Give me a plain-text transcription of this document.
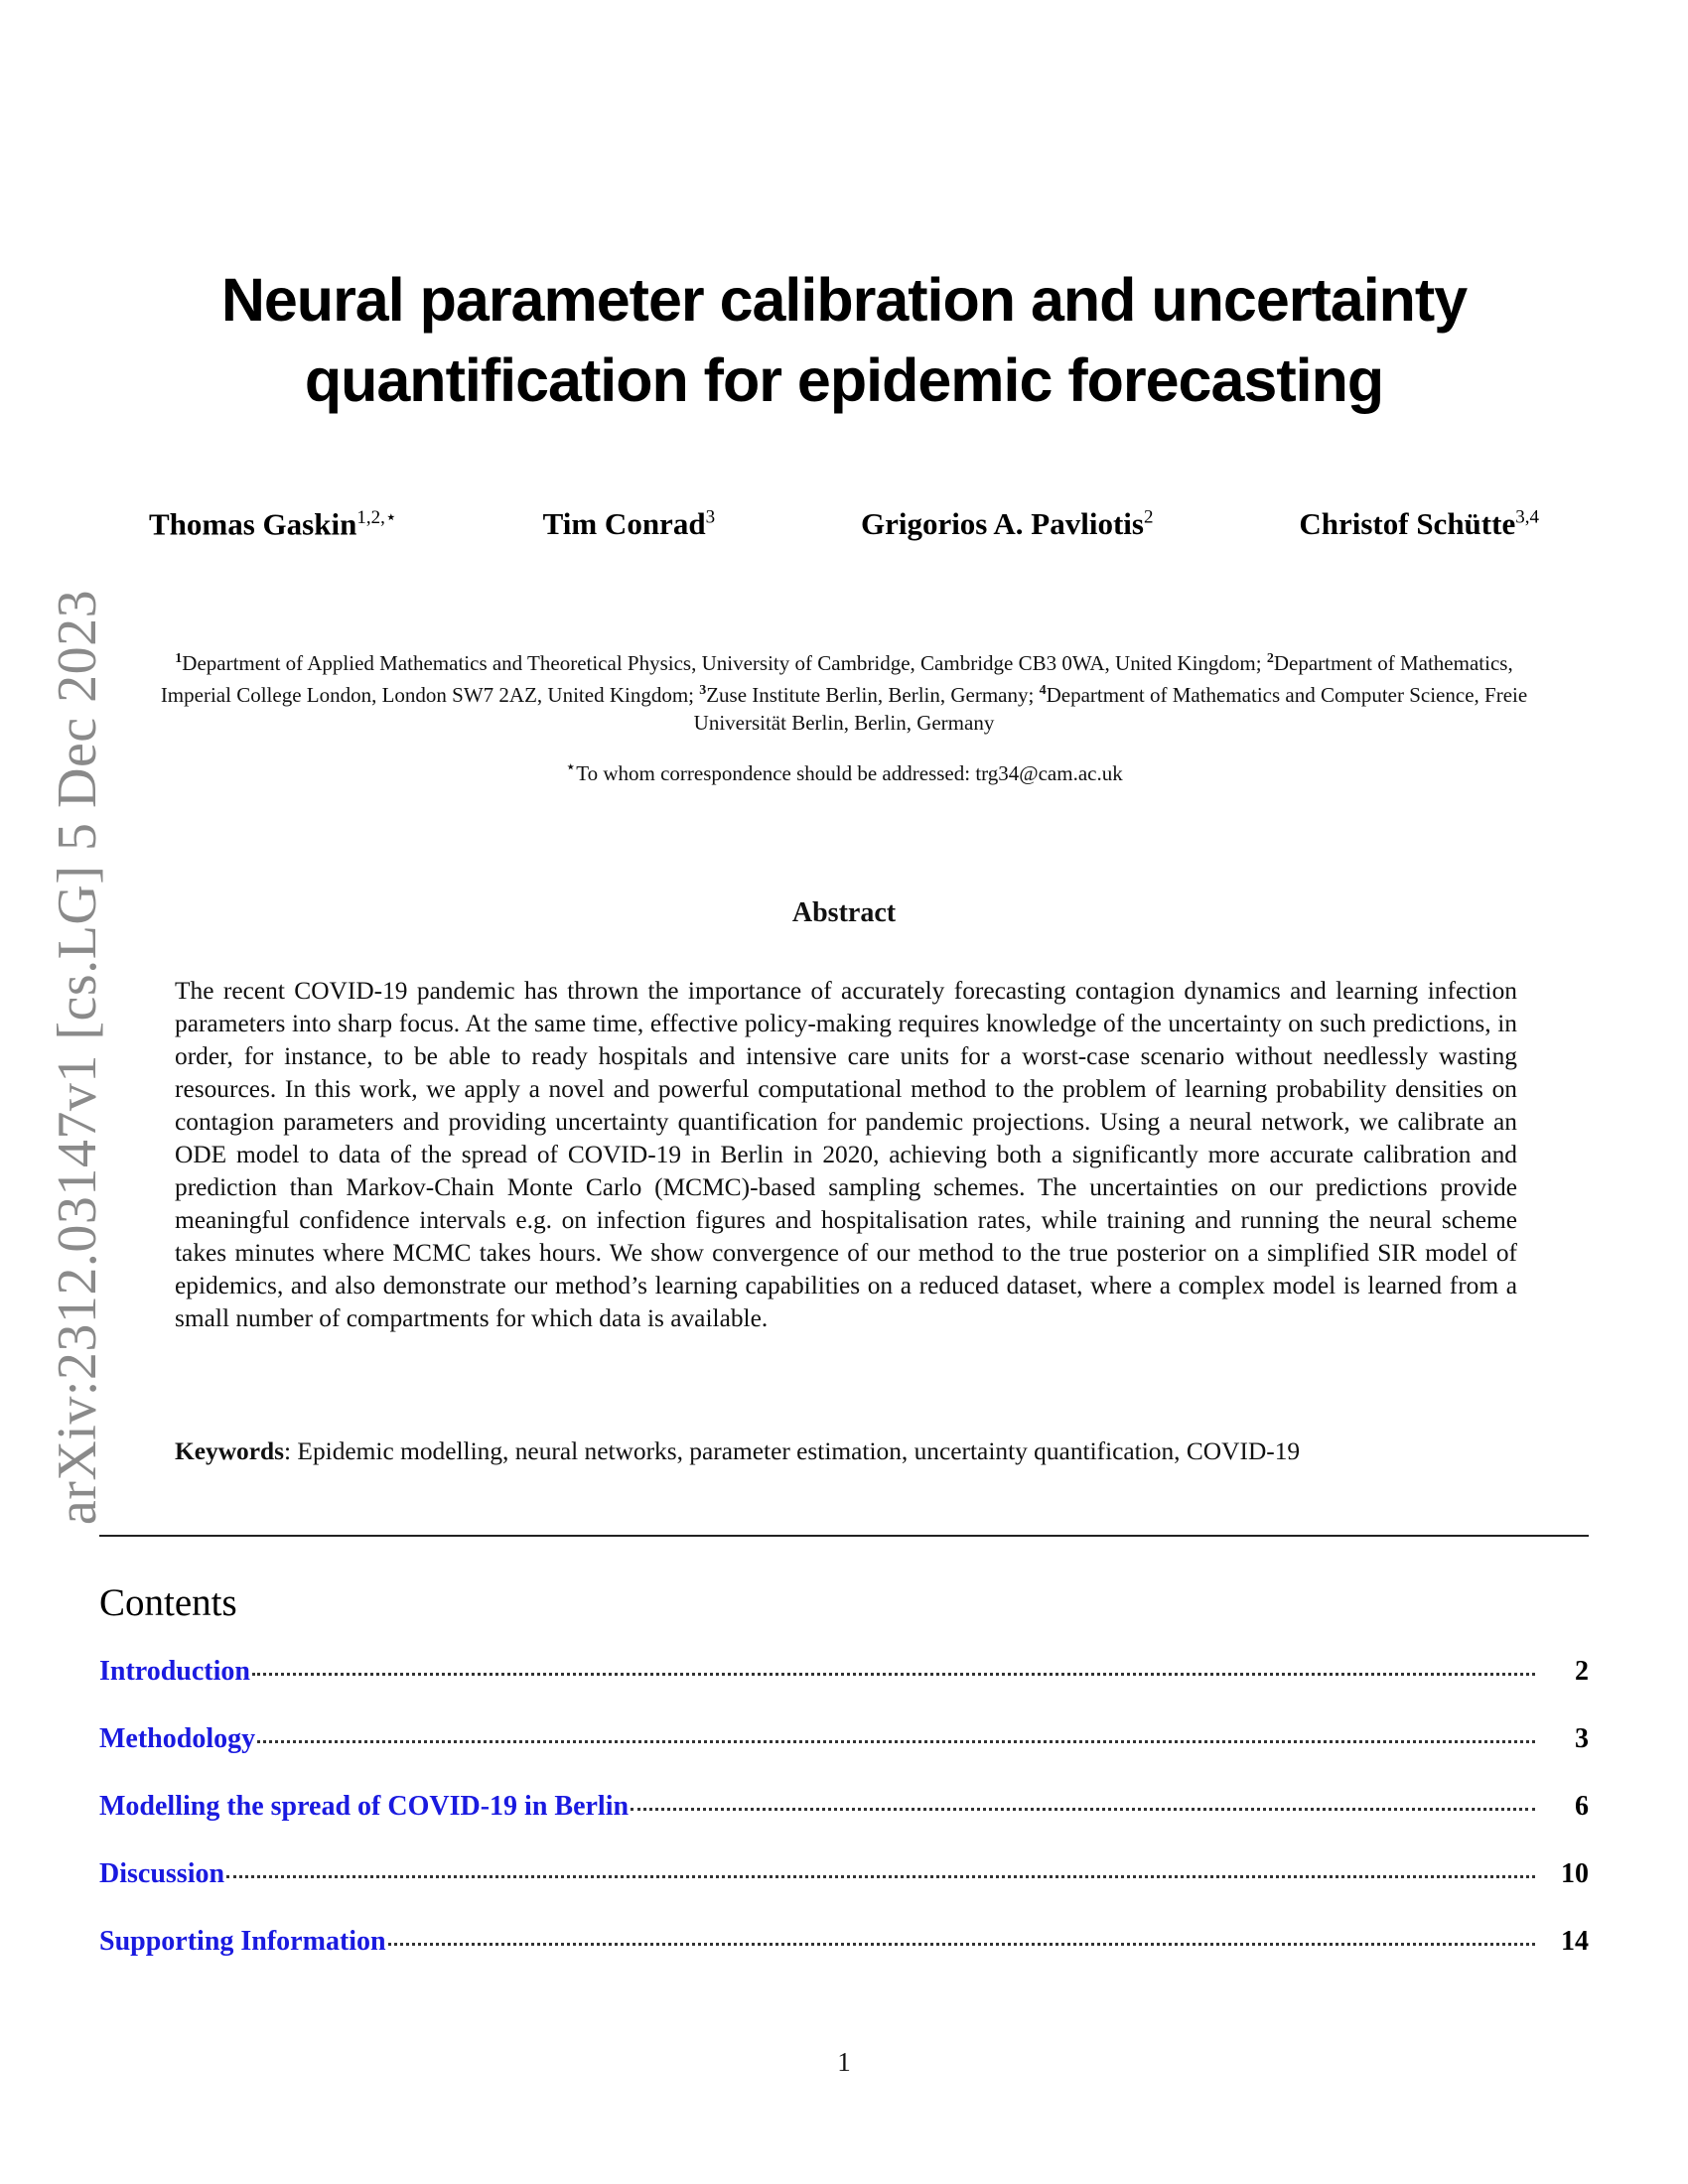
arXiv:2312.03147v1 [cs.LG] 5 Dec 2023
Neural parameter calibration and uncertainty
quantification for epidemic forecasting
Thomas Gaskin$^{1,2,⋆}$	Tim Conrad$^3$	Grigorios A. Pavliotis$^2$	Christof Schütte$^{3,4}$
$^1$Department of Applied Mathematics and Theoretical Physics, University of Cambridge, Cambridge CB3 0WA, United Kingdom; $^2$Department of Mathematics, Imperial College London, London SW7 2AZ, United Kingdom; $^3$Zuse Institute Berlin, Berlin, Germany; $^4$Department of Mathematics and Computer Science, Freie Universität Berlin, Berlin, Germany
⋆To whom correspondence should be addressed: trg34@cam.ac.uk
Abstract
The recent COVID-19 pandemic has thrown the importance of accurately forecasting contagion dynamics and learning infection parameters into sharp focus. At the same time, effective policy-making requires knowledge of the uncertainty on such predictions, in order, for instance, to be able to ready hospitals and intensive care units for a worst-case scenario without needlessly wasting resources. In this work, we apply a novel and powerful computational method to the problem of learning probability densities on contagion parameters and providing uncertainty quantification for pandemic projections. Using a neural network, we calibrate an ODE model to data of the spread of COVID-19 in Berlin in 2020, achieving both a significantly more accurate calibration and prediction than Markov-Chain Monte Carlo (MCMC)-based sampling schemes. The uncertainties on our predictions provide meaningful confidence intervals e.g. on infection figures and hospitalisation rates, while training and running the neural scheme takes minutes where MCMC takes hours. We show convergence of our method to the true posterior on a simplified SIR model of epidemics, and also demonstrate our method’s learning capabilities on a reduced dataset, where a complex model is learned from a small number of compartments for which data is available.
Keywords: Epidemic modelling, neural networks, parameter estimation, uncertainty quantification, COVID-19
Contents
Introduction	2
Methodology	3
Modelling the spread of COVID-19 in Berlin	6
Discussion	10
Supporting Information	14
1
